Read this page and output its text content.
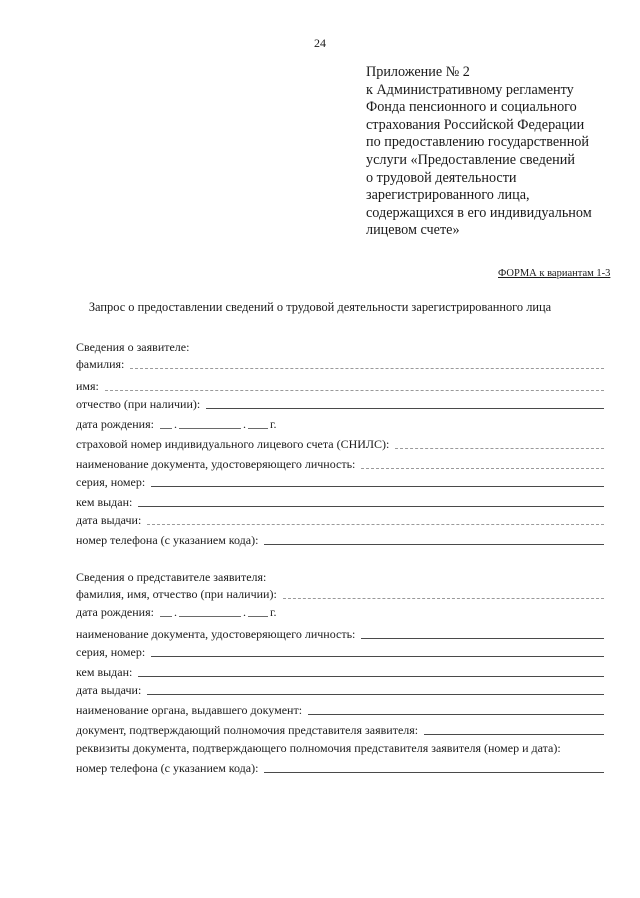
24
Приложение № 2
к Административному регламенту
Фонда пенсионного и социального
страхования Российской Федерации
по предоставлению государственной
услуги «Предоставление сведений
о трудовой деятельности
зарегистрированного лица,
содержащихся в его индивидуальном
лицевом счете»
ФОРМА к вариантам 1-3
Запрос о предоставлении сведений о трудовой деятельности зарегистрированного лица
Сведения о заявителе:
фамилия:
имя:
отчество (при наличии):
дата рождения: .	. г.
страховой номер индивидуального лицевого счета (СНИЛС):
наименование документа, удостоверяющего личность:
серия, номер:
кем выдан:
дата выдачи:
номер телефона (с указанием кода):
Сведения о представителе заявителя:
фамилия, имя, отчество (при наличии):
дата рождения: .	. г.
наименование документа, удостоверяющего личность:
серия, номер:
кем выдан:
дата выдачи:
наименование органа, выдавшего документ:
документ, подтверждающий полномочия представителя заявителя:
реквизиты документа, подтверждающего полномочия представителя заявителя (номер и дата):
номер телефона (с указанием кода):
